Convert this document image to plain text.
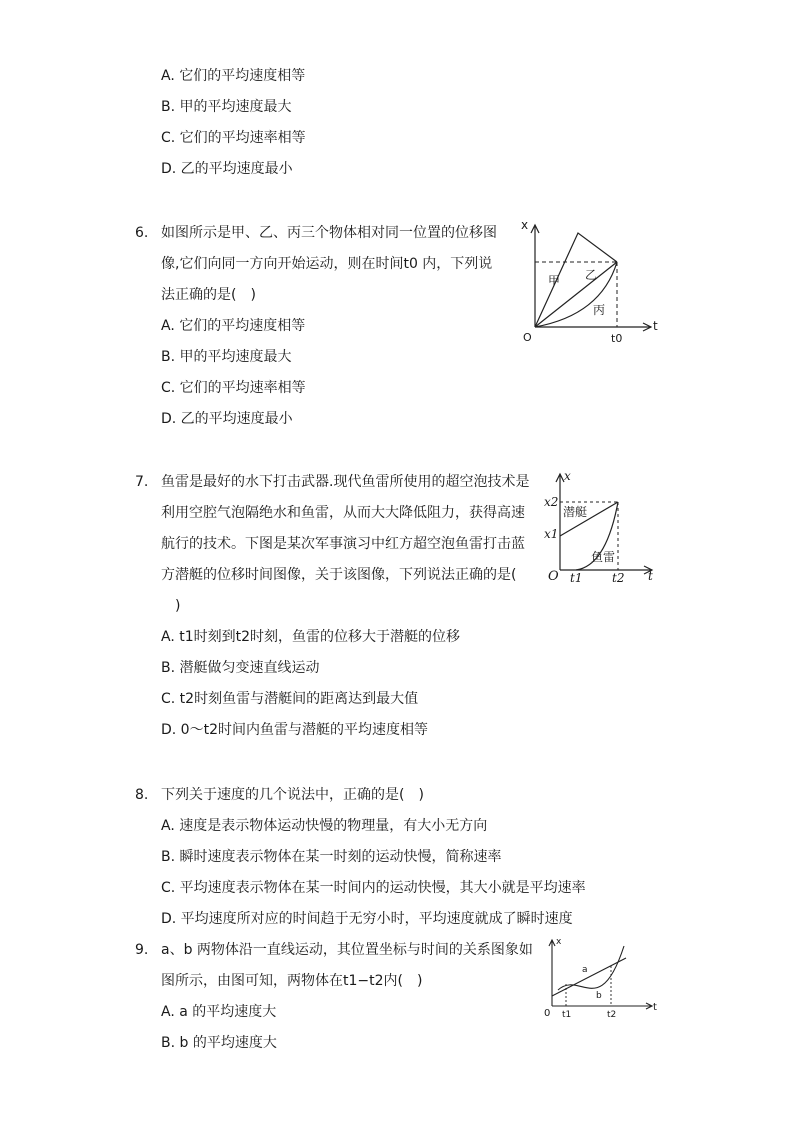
A. 它们的平均速度相等
B. 甲的平均速度最大
C. 它们的平均速率相等
D. 乙的平均速度最小
6. 如图所示是甲、乙、丙三个物体相对同一位置的位移图
像,它们向同一方向开始运动，则在时间t0 内，下列说
法正确的是(　)
A. 它们的平均速度相等
B. 甲的平均速度最大
C. 它们的平均速率相等
D. 乙的平均速度最小
x
t
O	t0
甲 乙
丙
7. 鱼雷是最好的水下打击武器.现代鱼雷所使用的超空泡技术是
利用空腔气泡隔绝水和鱼雷，从而大大降低阻力，获得高速
航行的技术。下图是某次军事演习中红方超空泡鱼雷打击蓝
方潜艇的位移时间图像，关于该图像，下列说法正确的是(
　)
A. t1时刻到t2时刻，鱼雷的位移大于潜艇的位移
B. 潜艇做匀变速直线运动
C. t2时刻鱼雷与潜艇间的距离达到最大值
D. 0～t2时间内鱼雷与潜艇的平均速度相等
x
t
O
x2
x1
t1 t2
潜艇
鱼雷
8. 下列关于速度的几个说法中，正确的是(　)
A. 速度是表示物体运动快慢的物理量，有大小无方向
B. 瞬时速度表示物体在某一时刻的运动快慢，简称速率
C. 平均速度表示物体在某一时间内的运动快慢，其大小就是平均速率
D. 平均速度所对应的时间趋于无穷小时，平均速度就成了瞬时速度
9. a、b 两物体沿一直线运动，其位置坐标与时间的关系图象如
图所示，由图可知，两物体在t1−t2内(　)
A. a 的平均速度大
B. b 的平均速度大
x
t
0 t1	t2
a
b
